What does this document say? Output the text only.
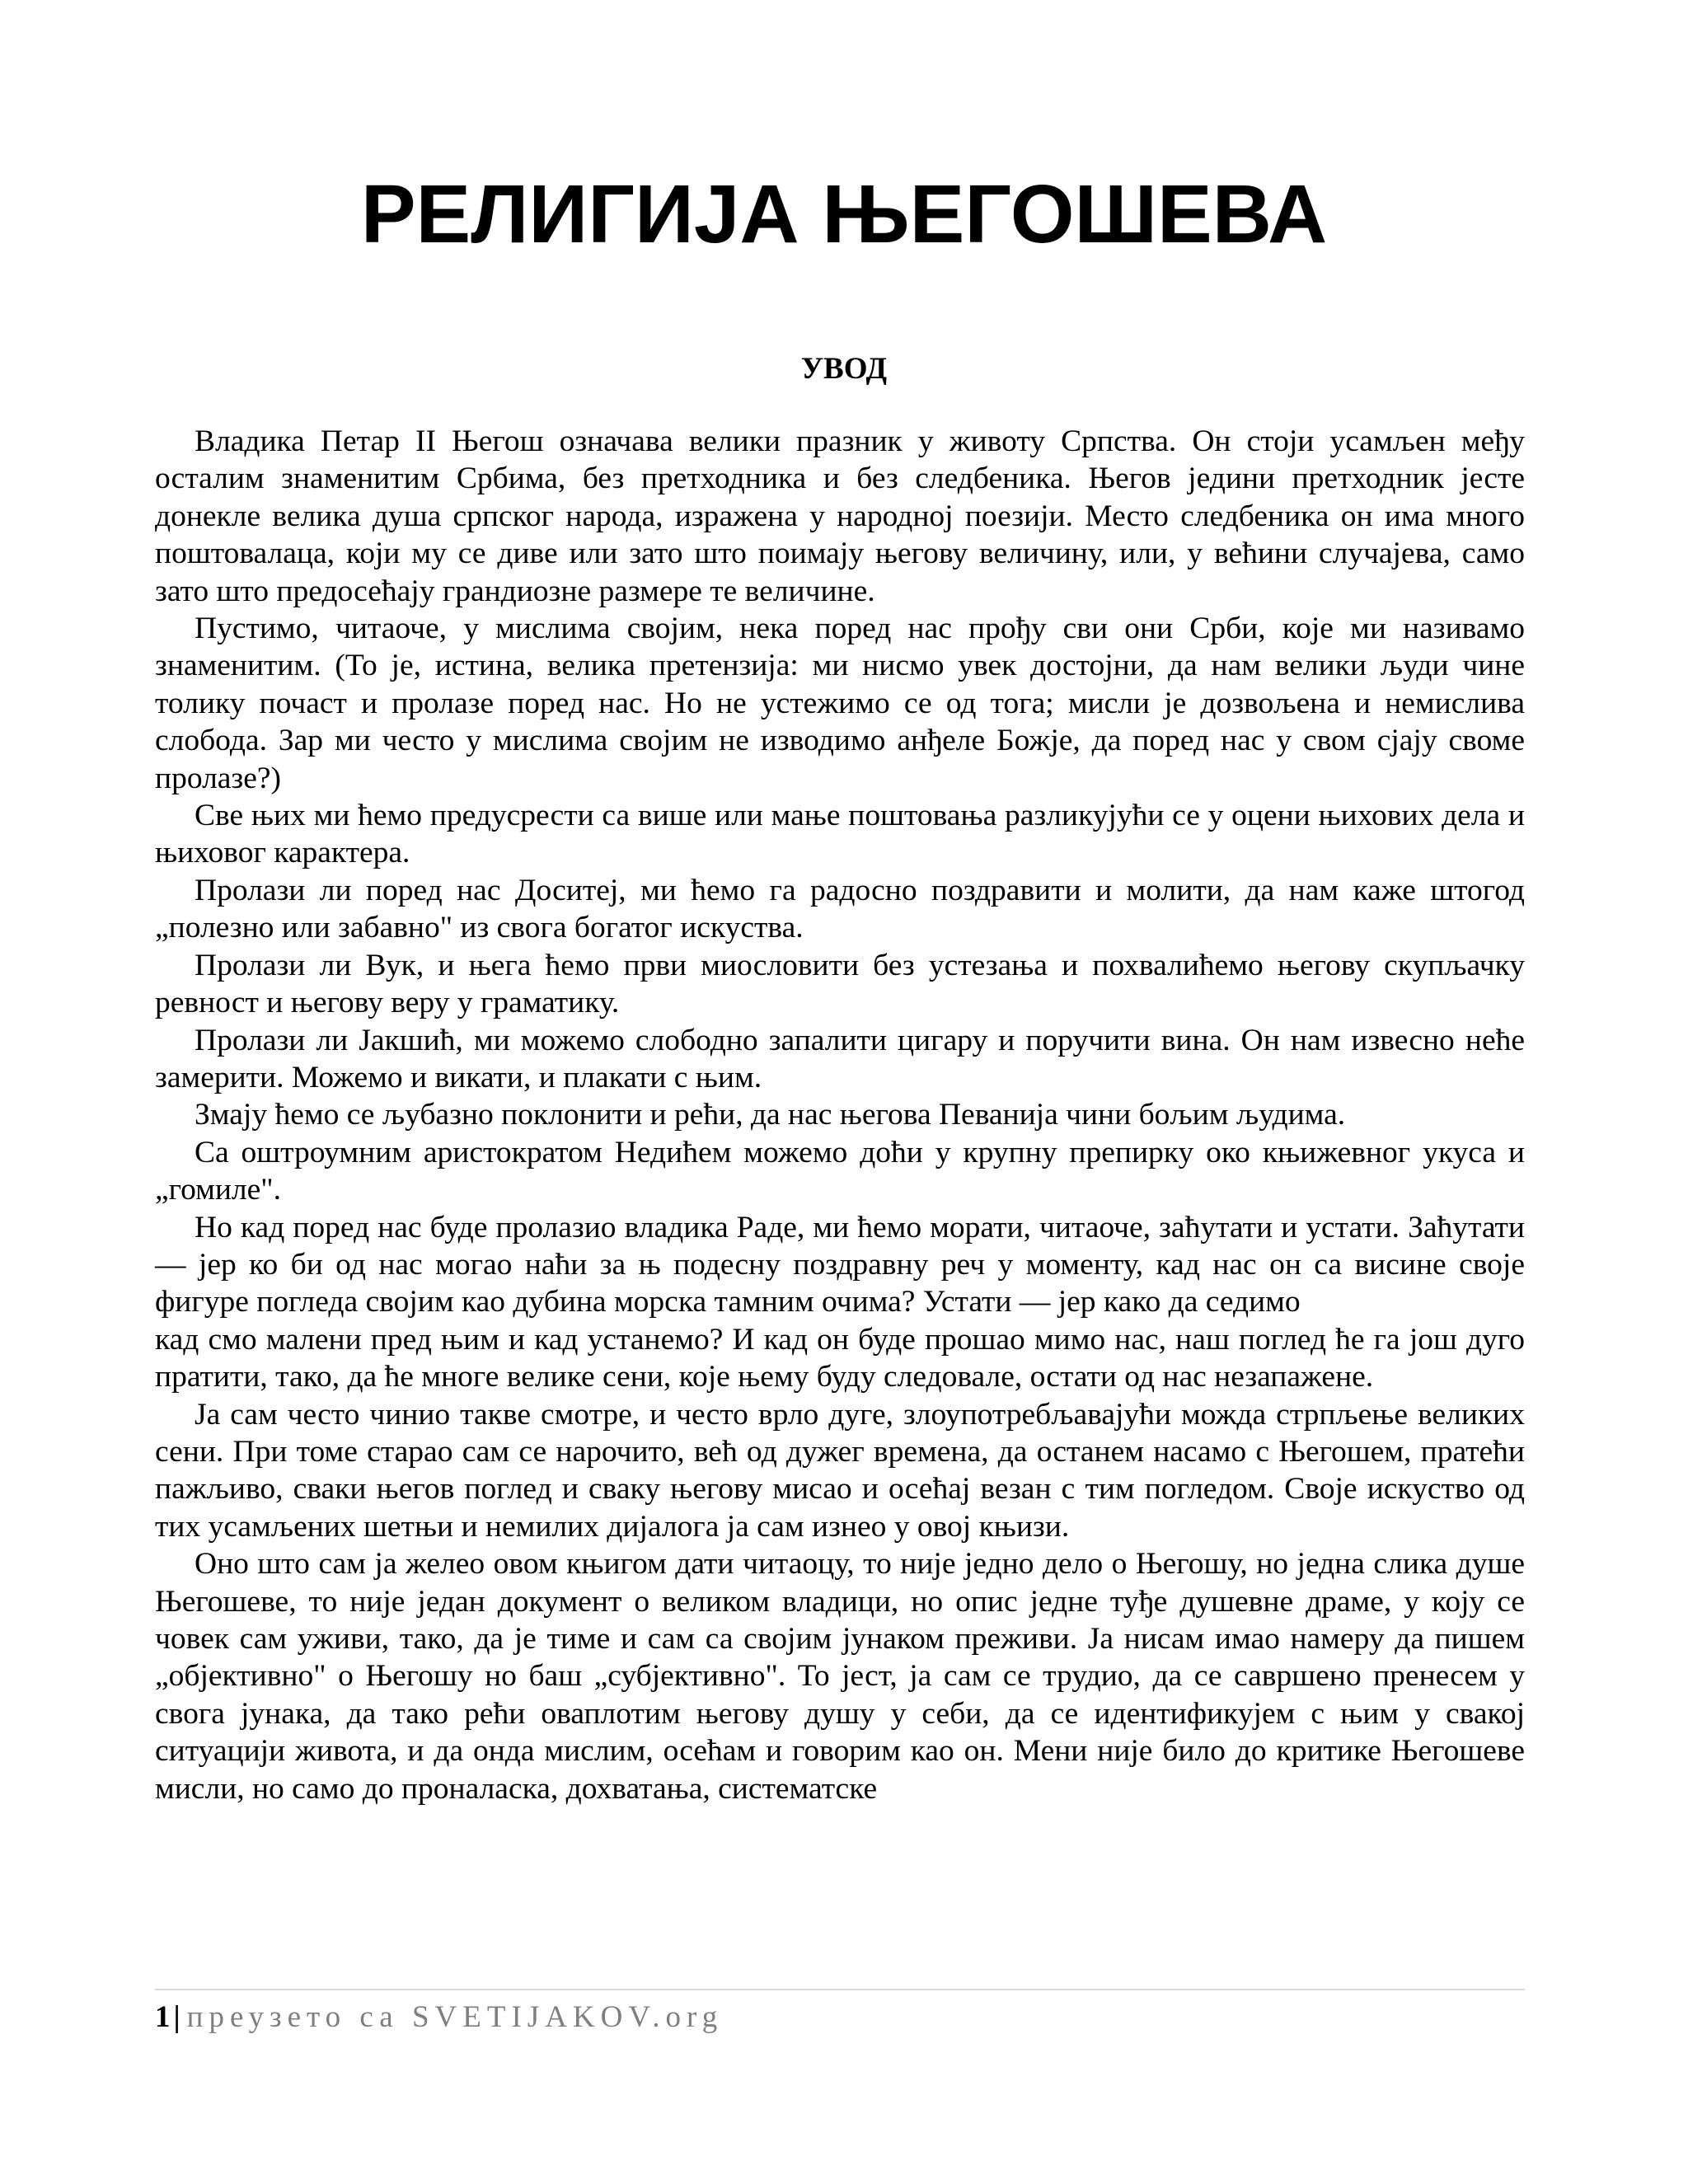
РЕЛИГИЈА ЊЕГОШЕВА
УВОД

Владика Петар II Његош означава велики празник у животу Српства. Он стоји усамљен међу осталим знаменитим Србима, без претходника и без следбеника. Његов једини претходник јесте донекле велика душа српског народа, изражена у народној поезији. Место следбеника он има много поштовалаца, који му се диве или зато што поимају његову величину, или, у већини случајева, само зато што предосећају грандиозне размере те величине.

Пустимо, читаоче, у мислима својим, нека поред нас прођу сви они Срби, које ми називамо знаменитим. (То је, истина, велика претензија: ми нисмо увек достојни, да нам велики људи чине толику почаст и пролазе поред нас. Но не устежимо се од тога; мисли је дозвољена и немислива слобода. Зар ми често у мислима својим не изводимо анђеле Божје, да поред нас у свом сјају своме пролазе?)

Све њих ми ћемо предусрести са више или мање поштовања разликујући се у оцени њихових дела и њиховог карактера.

Пролази ли поред нас Доситеј, ми ћемо га радосно поздравити и молити, да нам каже штогод „полезно или забавно" из свога богатог искуства.

Пролази ли Вук, и њега ћемо први миословити без устезања и похвалићемо његову скупљачку ревност и његову веру у граматику.

Пролази ли Јакшић, ми можемо слободно запалити цигару и поручити вина. Он нам извесно неће замерити. Можемо и викати, и плакати с њим.

Змају ћемо се љубазно поклонити и рећи, да нас његова Певанија чини бољим људима.

Са оштроумним аристократом Недићем можемо доћи у крупну препирку око књижевног укуса и „гомиле".

Но кад поред нас буде пролазио владика Раде, ми ћемо морати, читаоче, заћутати и устати. Заћутати — јер ко би од нас могао наћи за њ подесну поздравну реч у моменту, кад нас он са висине своје фигуре погледа својим као дубина морска тамним очима? Устати — јер како да седимо

кад смо малени пред њим и кад устанемо? И кад он буде прошао мимо нас, наш поглед ће га још дуго пратити, тако, да ће многе велике сени, које њему буду следовале, остати од нас незапажене.

Ја сам често чинио такве смотре, и често врло дуге, злоупотребљавајући можда стрпљење великих сени. При томе старао сам се нарочито, већ од дужег времена, да останем насамо с Његошем, пратећи пажљиво, сваки његов поглед и сваку његову мисао и осећај везан с тим погледом. Своје искуство од тих усамљених шетњи и немилих дијалога ја сам изнео у овој књизи.

Оно што сам ја желео овом књигом дати читаоцу, то није једно дело о Његошу, но једна слика душе Његошеве, то није један документ о великом владици, но опис једне туђе душевне драме, у коју се човек сам уживи, тако, да је тиме и сам са својим јунаком преживи. Ја нисам имао намеру да пишем „објективно" о Његошу но баш „субјективно". То јест, ја сам се трудио, да се савршено пренесем у свога јунака, да тако рећи оваплотим његову душу у себи, да се идентификујем с њим у свакој ситуацији живота, и да онда мислим, осећам и говорим као он. Мени није било до критике Његошеве мисли, но само до проналаска, дохватања, систематске

1 | преузето са SVETIJAKOV.org
